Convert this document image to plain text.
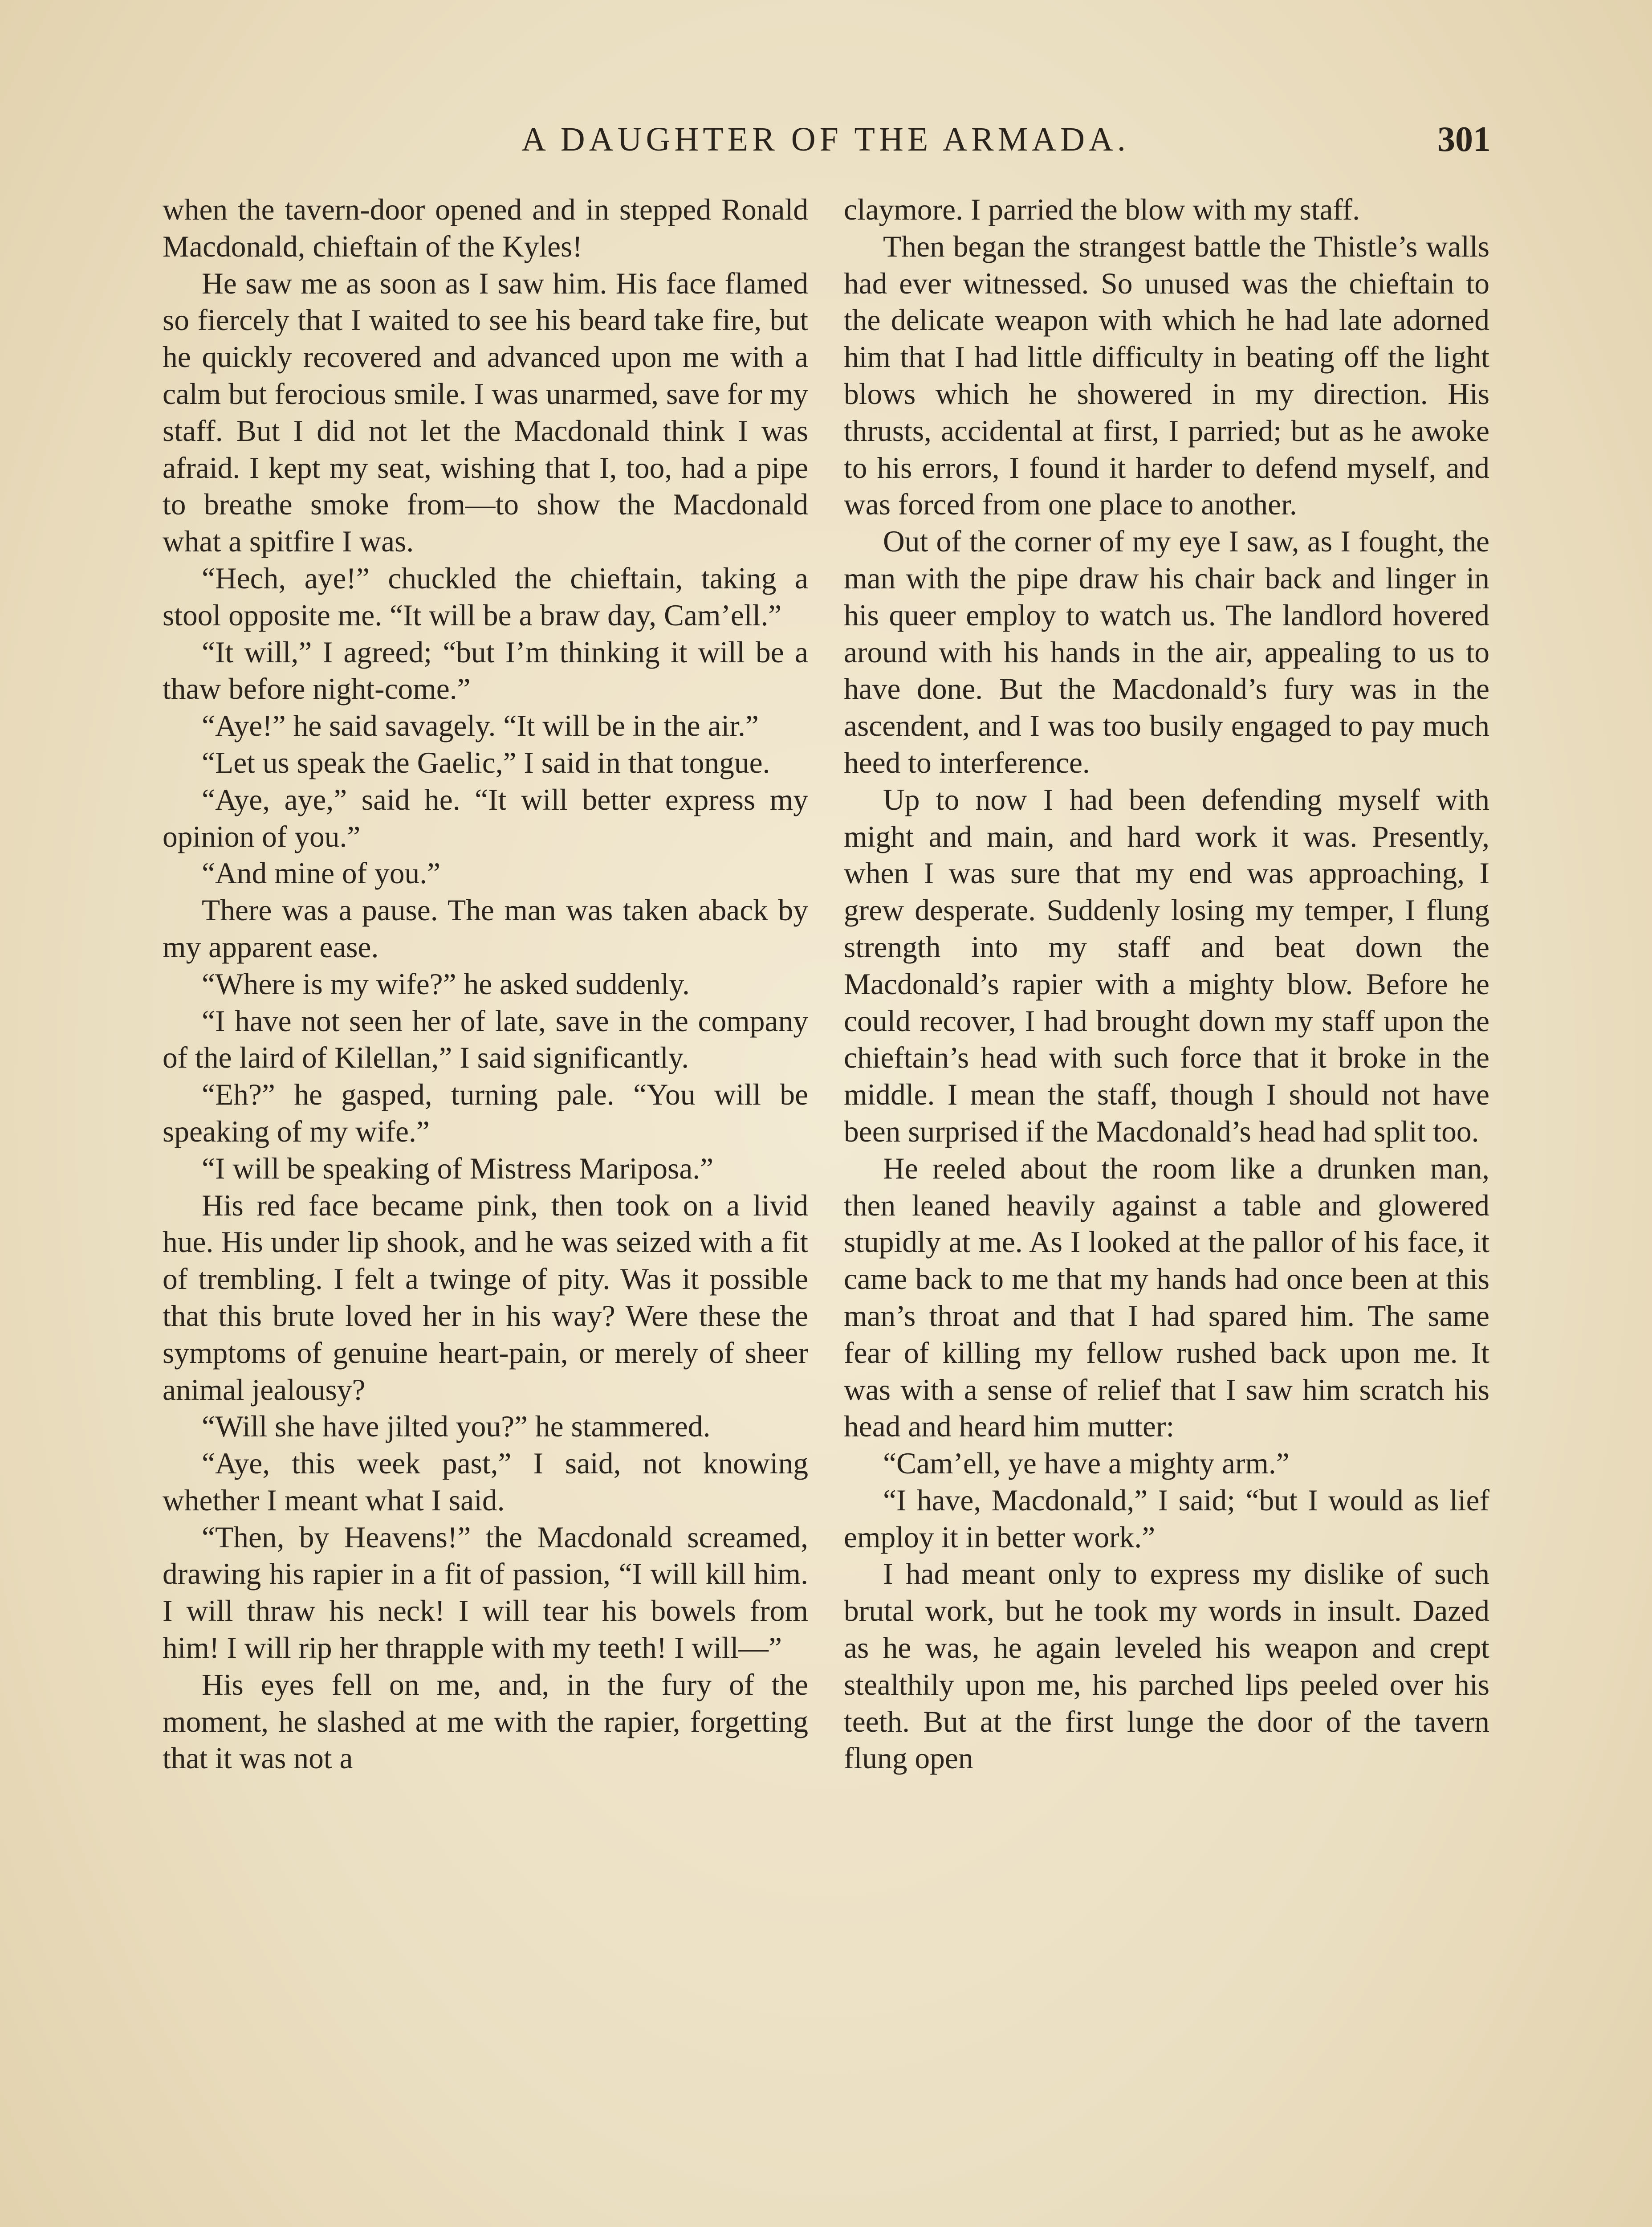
A DAUGHTER OF THE ARMADA.	301

when the tavern-door opened and in stepped Ronald Macdonald, chieftain of the Kyles!

He saw me as soon as I saw him. His face flamed so fiercely that I waited to see his beard take fire, but he quickly recovered and advanced upon me with a calm but ferocious smile. I was unarmed, save for my staff. But I did not let the Macdonald think I was afraid. I kept my seat, wishing that I, too, had a pipe to breathe smoke from—to show the Macdonald what a spitfire I was.

“Hech, aye!” chuckled the chieftain, taking a stool opposite me. “It will be a braw day, Cam’ell.”

“It will,” I agreed; “but I’m thinking it will be a thaw before night-come.”

“Aye!” he said savagely. “It will be in the air.”

“Let us speak the Gaelic,” I said in that tongue.

“Aye, aye,” said he. “It will better express my opinion of you.”

“And mine of you.”

There was a pause. The man was taken aback by my apparent ease.

“Where is my wife?” he asked suddenly.

“I have not seen her of late, save in the company of the laird of Kilellan,” I said significantly.

“Eh?” he gasped, turning pale. “You will be speaking of my wife.”

“I will be speaking of Mistress Mariposa.”

His red face became pink, then took on a livid hue. His under lip shook, and he was seized with a fit of trembling. I felt a twinge of pity. Was it possible that this brute loved her in his way? Were these the symptoms of genuine heart-pain, or merely of sheer animal jealousy?

“Will she have jilted you?” he stammered.

“Aye, this week past,” I said, not knowing whether I meant what I said.

“Then, by Heavens!” the Macdonald screamed, drawing his rapier in a fit of passion, “I will kill him. I will thraw his neck! I will tear his bowels from him! I will rip her thrapple with my teeth! I will—”

His eyes fell on me, and, in the fury of the moment, he slashed at me with the rapier, forgetting that it was not a

claymore. I parried the blow with my staff.

Then began the strangest battle the Thistle’s walls had ever witnessed. So unused was the chieftain to the delicate weapon with which he had late adorned him that I had little difficulty in beating off the light blows which he showered in my direction. His thrusts, accidental at first, I parried; but as he awoke to his errors, I found it harder to defend myself, and was forced from one place to another.

Out of the corner of my eye I saw, as I fought, the man with the pipe draw his chair back and linger in his queer employ to watch us. The landlord hovered around with his hands in the air, appealing to us to have done. But the Macdonald’s fury was in the ascendent, and I was too busily engaged to pay much heed to interference.

Up to now I had been defending myself with might and main, and hard work it was. Presently, when I was sure that my end was approaching, I grew desperate. Suddenly losing my temper, I flung strength into my staff and beat down the Macdonald’s rapier with a mighty blow. Before he could recover, I had brought down my staff upon the chieftain’s head with such force that it broke in the middle. I mean the staff, though I should not have been surprised if the Macdonald’s head had split too.

He reeled about the room like a drunken man, then leaned heavily against a table and glowered stupidly at me. As I looked at the pallor of his face, it came back to me that my hands had once been at this man’s throat and that I had spared him. The same fear of killing my fellow rushed back upon me. It was with a sense of relief that I saw him scratch his head and heard him mutter:

“Cam’ell, ye have a mighty arm.”

“I have, Macdonald,” I said; “but I would as lief employ it in better work.”

I had meant only to express my dislike of such brutal work, but he took my words in insult. Dazed as he was, he again leveled his weapon and crept stealthily upon me, his parched lips peeled over his teeth. But at the first lunge the door of the tavern flung open
